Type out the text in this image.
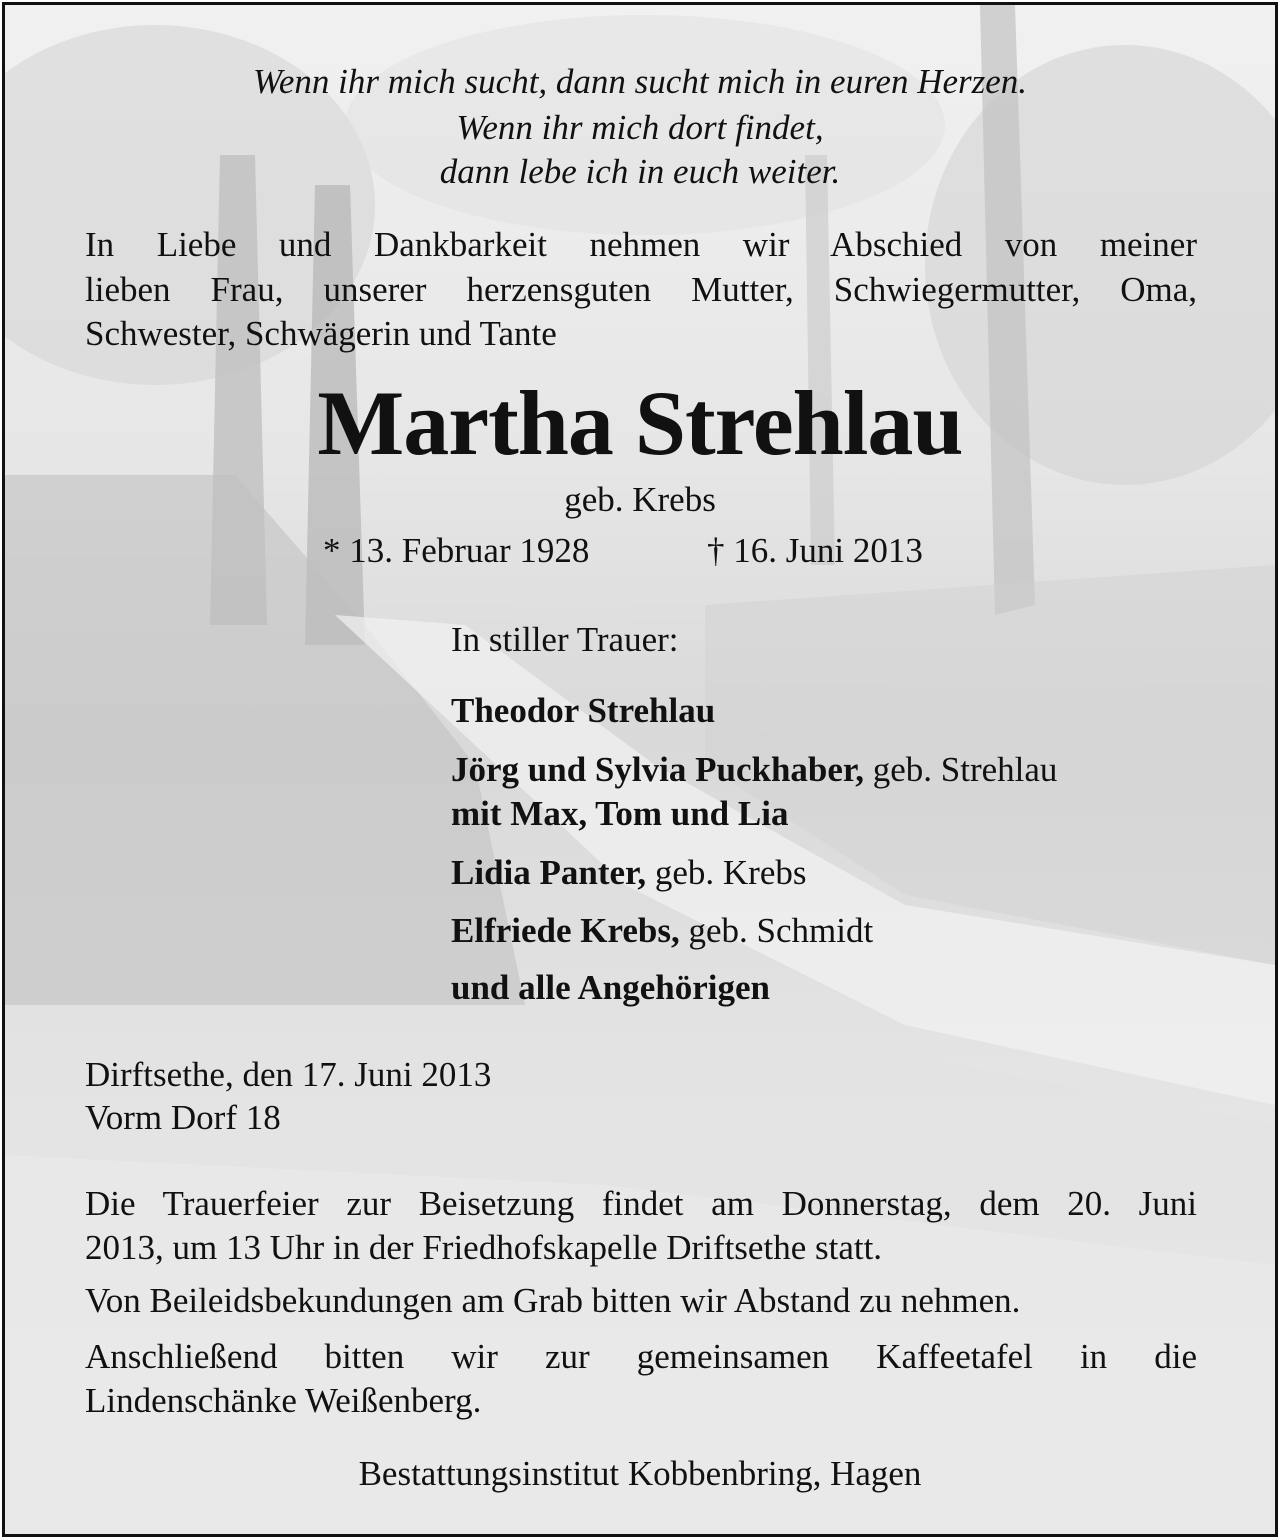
Wenn ihr mich sucht, dann sucht mich in euren Herzen.

Wenn ihr mich dort findet,

dann lebe ich in euch weiter.

In Liebe und Dankbarkeit nehmen wir Abschied von meiner

lieben Frau, unserer herzensguten Mutter, Schwiegermutter, Oma,

Schwester, Schwägerin und Tante

Martha Strehlau

geb. Krebs

* 13. Februar 1928	† 16. Juni 2013

In stiller Trauer:

Theodor Strehlau

Jörg und Sylvia Puckhaber, geb. Strehlau

mit Max, Tom und Lia

Lidia Panter, geb. Krebs

Elfriede Krebs, geb. Schmidt

und alle Angehörigen

Dirftsethe, den 17. Juni 2013

Vorm Dorf 18

Die Trauerfeier zur Beisetzung findet am Donnerstag, dem 20. Juni

2013, um 13 Uhr in der Friedhofskapelle Driftsethe statt.

Von Beileidsbekundungen am Grab bitten wir Abstand zu nehmen.

Anschließend bitten wir zur gemeinsamen Kaffeetafel in die

Lindenschänke Weißenberg.

Bestattungsinstitut Kobbenbring, Hagen
